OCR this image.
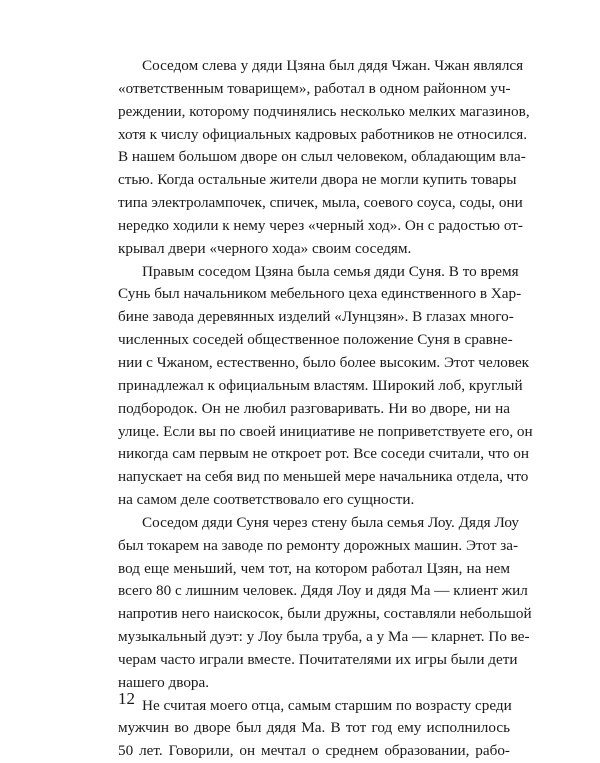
Соседом слева у дяди Цзяна был дядя Чжан. Чжан являлся
«ответственным товарищем», работал в одном районном уч-
реждении, которому подчинялись несколько мелких магазинов,
хотя к числу официальных кадровых работников не относился.
В нашем большом дворе он слыл человеком, обладающим вла-
стью. Когда остальные жители двора не могли купить товары
типа электролампочек, спичек, мыла, соевого соуса, соды, они
нередко ходили к нему через «черный ход». Он с радостью от-
крывал двери «черного хода» своим соседям.
Правым соседом Цзяна была семья дяди Суня. В то время
Сунь был начальником мебельного цеха единственного в Хар-
бине завода деревянных изделий «Лунцзян». В глазах много-
численных соседей общественное положение Суня в сравне-
нии с Чжаном, естественно, было более высоким. Этот человек
принадлежал к официальным властям. Широкий лоб, круглый
подбородок. Он не любил разговаривать. Ни во дворе, ни на
улице. Если вы по своей инициативе не поприветствуете его, он
никогда сам первым не откроет рот. Все соседи считали, что он
напускает на себя вид по меньшей мере начальника отдела, что
на самом деле соответствовало его сущности.
Соседом дяди Суня через стену была семья Лоу. Дядя Лоу
был токарем на заводе по ремонту дорожных машин. Этот за-
вод еще меньший, чем тот, на котором работал Цзян, на нем
всего 80 с лишним человек. Дядя Лоу и дядя Ма — клиент жил
напротив него наискосок, были дружны, составляли небольшой
музыкальный дуэт: у Лоу была труба, а у Ма — кларнет. По ве-
черам часто играли вместе. Почитателями их игры были дети
нашего двора.
Не считая моего отца, самым старшим по возрасту среди
мужчин во дворе был дядя Ма. В тот год ему исполнилось
50 лет. Говорили, он мечтал о среднем образовании, рабо-
12
